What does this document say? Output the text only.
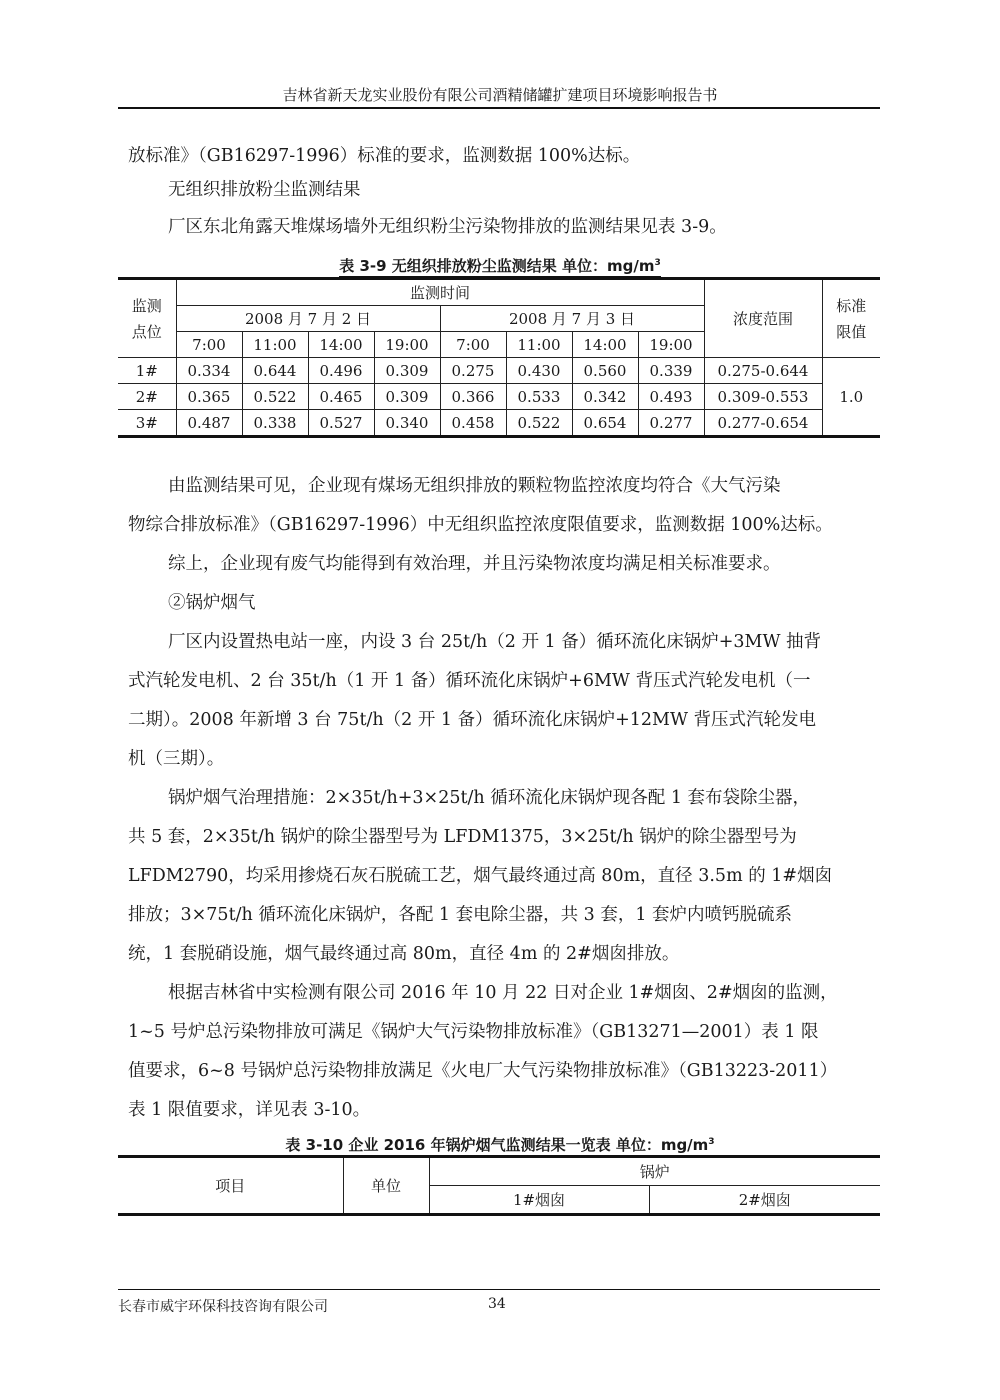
吉林省新天龙实业股份有限公司酒精储罐扩建项目环境影响报告书
放标准》（GB16297-1996）标准的要求，监测数据 100%达标。
无组织排放粉尘监测结果
厂区东北角露天堆煤场墙外无组织粉尘污染物排放的监测结果见表 3-9。
表 3-9 无组织排放粉尘监测结果 单位：$mg/m^3$
监测点位	监测时间								浓度范围	标准限值
	2008 月 7 月 2 日				2008 月 7 月 3 日					
	7:00	11:00	14:00	19:00	7:00	11:00	14:00	19:00		
1#	0.334	0.644	0.496	0.309	0.275	0.430	0.560	0.339	0.275-0.644	1.0
2#	0.365	0.522	0.465	0.309	0.366	0.533	0.342	0.493	0.309-0.553	
3#	0.487	0.338	0.527	0.340	0.458	0.522	0.654	0.277	0.277-0.654	
由监测结果可见，企业现有煤场无组织排放的颗粒物监控浓度均符合《大气污染
物综合排放标准》（GB16297-1996）中无组织监控浓度限值要求，监测数据 100%达标。
综上，企业现有废气均能得到有效治理，并且污染物浓度均满足相关标准要求。
②锅炉烟气
厂区内设置热电站一座，内设 3 台 25t/h（2 开 1 备）循环流化床锅炉+3MW 抽背
式汽轮发电机、2 台 35t/h（1 开 1 备）循环流化床锅炉+6MW 背压式汽轮发电机（一
二期）。2008 年新增 3 台 75t/h（2 开 1 备）循环流化床锅炉+12MW 背压式汽轮发电
机（三期）。
锅炉烟气治理措施：2×35t/h+3×25t/h 循环流化床锅炉现各配 1 套布袋除尘器，
共 5 套，2×35t/h 锅炉的除尘器型号为 LFDM1375，3×25t/h 锅炉的除尘器型号为
LFDM2790，均采用掺烧石灰石脱硫工艺，烟气最终通过高 80m，直径 3.5m 的 1#烟囱
排放；3×75t/h 循环流化床锅炉，各配 1 套电除尘器，共 3 套，1 套炉内喷钙脱硫系
统，1 套脱硝设施，烟气最终通过高 80m，直径 4m 的 2#烟囱排放。
根据吉林省中实检测有限公司 2016 年 10 月 22 日对企业 1#烟囱、2#烟囱的监测，
1~5 号炉总污染物排放可满足《锅炉大气污染物排放标准》（GB13271—2001）表 1 限
值要求，6~8 号锅炉总污染物排放满足《火电厂大气污染物排放标准》（GB13223-2011）
表 1 限值要求，详见表 3-10。
表 3-10 企业 2016 年锅炉烟气监测结果一览表 单位：$mg/m^3$
项目	单位	锅炉	
		1#烟囱	2#烟囱
长春市威宇环保科技咨询有限公司	34
